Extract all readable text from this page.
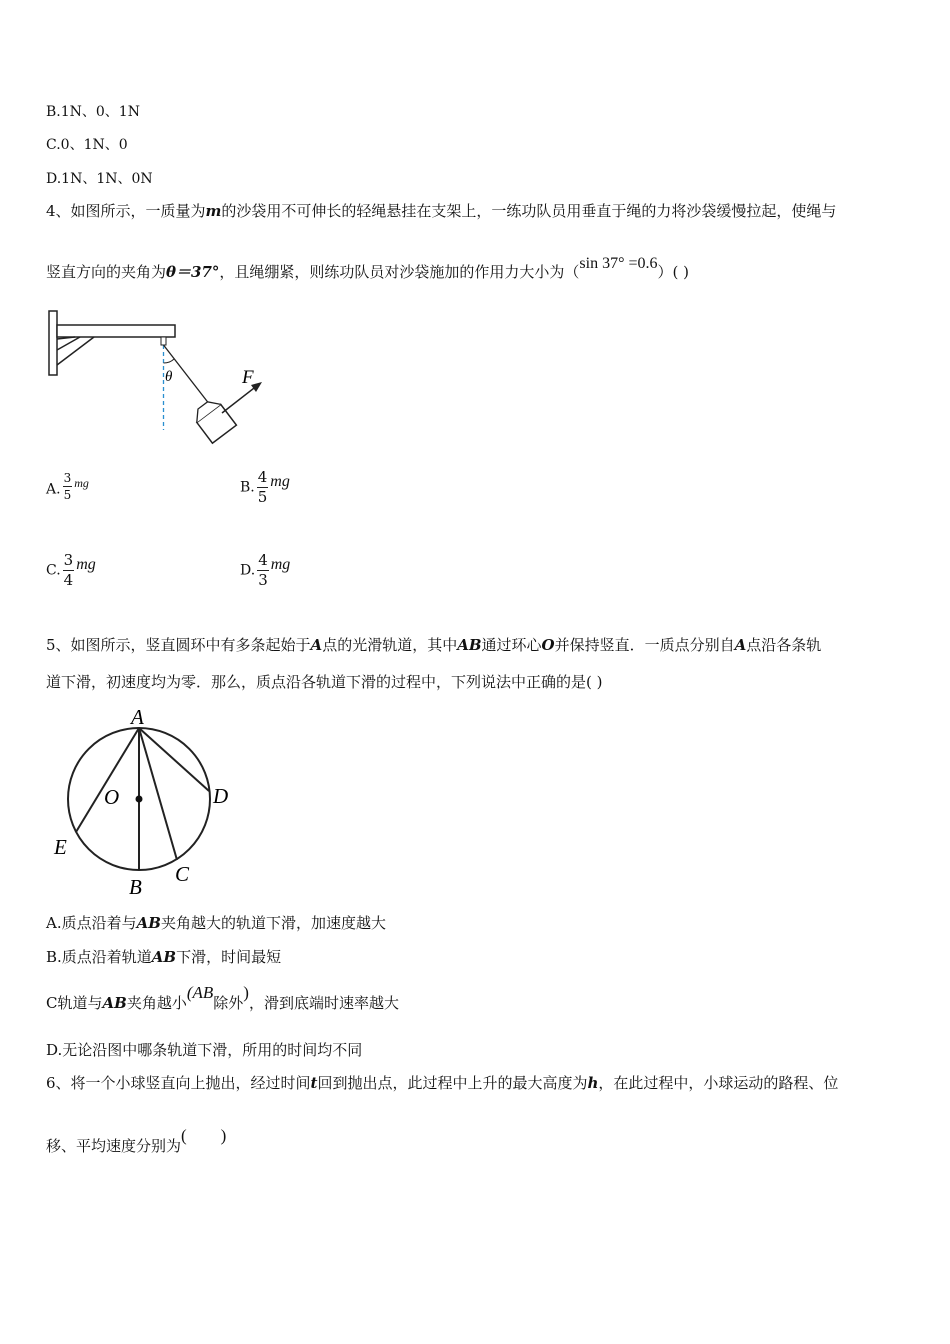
B.1N、0、1N
C.0、1N、0
D.1N、1N、0N
4、如图所示，一质量为m的沙袋用不可伸长的轻绳悬挂在支架上，一练功队员用垂直于绳的力将沙袋缓慢拉起，使绳与
竖直方向的夹角为θ＝37°，且绳绷紧，则练功队员对沙袋施加的作用力大小为（sin 37° =0.6）( )
θ	F
A. $\frac{3}{5}$ mg	B. $\frac{4}{5}$ mg
C. $\frac{3}{4}$ mg	D. $\frac{4}{3}$ mg
5、如图所示，竖直圆环中有多条起始于A点的光滑轨道，其中AB通过环心O并保持竖直．一质点分别自A点沿各条轨
道下滑，初速度均为零．那么，质点沿各轨道下滑的过程中，下列说法中正确的是( )
A
B
C
D
E
O
A.质点沿着与AB夹角越大的轨道下滑，加速度越大
B.质点沿着轨道AB下滑，时间最短
C轨道与AB夹角越小(AB除外)，滑到底端时速率越大
D.无论沿图中哪条轨道下滑，所用的时间均不同
6、将一个小球竖直向上抛出，经过时间t回到抛出点，此过程中上升的最大高度为h，在此过程中，小球运动的路程、位
移、平均速度分别为(        )
